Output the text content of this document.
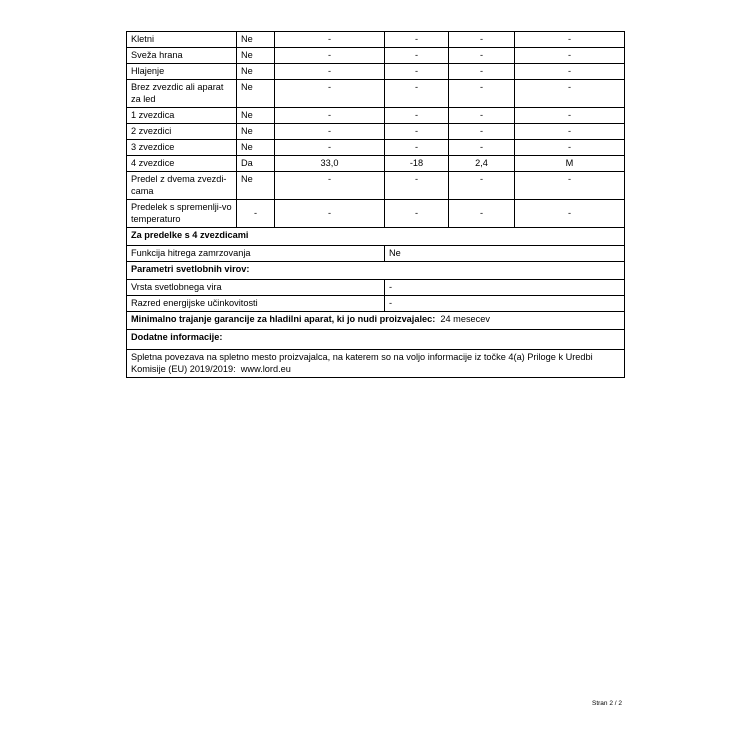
Kletni	Ne	-	-	-	-
Sveža hrana	Ne	-	-	-	-
Hlajenje	Ne	-	-	-	-
Brez zvezdic ali aparat za led	Ne	-	-	-	-
1 zvezdica	Ne	-	-	-	-
2 zvezdici	Ne	-	-	-	-
3 zvezdice	Ne	-	-	-	-
4 zvezdice	Da	33,0	-18	2,4	M
Predel z dvema zvezdi-cama	Ne	-	-	-	-
Predelek s spremenlji-vo temperaturo	-	-	-	-	-
Za predelke s 4 zvezdicami					
Funkcija hitrega zamrzovanja			Ne		
Parametri svetlobnih virov:					
Vrsta svetlobnega vira			-		
Razred energijske učinkovitosti			-		
Minimalno trajanje garancije za hladilni aparat, ki jo nudi proizvajalec: 24 mesecev					
Dodatne informacije:					
Spletna povezava na spletno mesto proizvajalca, na katerem so na voljo informacije iz točke 4(a) Priloge k Uredbi Komisije (EU) 2019/2019: www.lord.eu					
Stran 2 / 2
